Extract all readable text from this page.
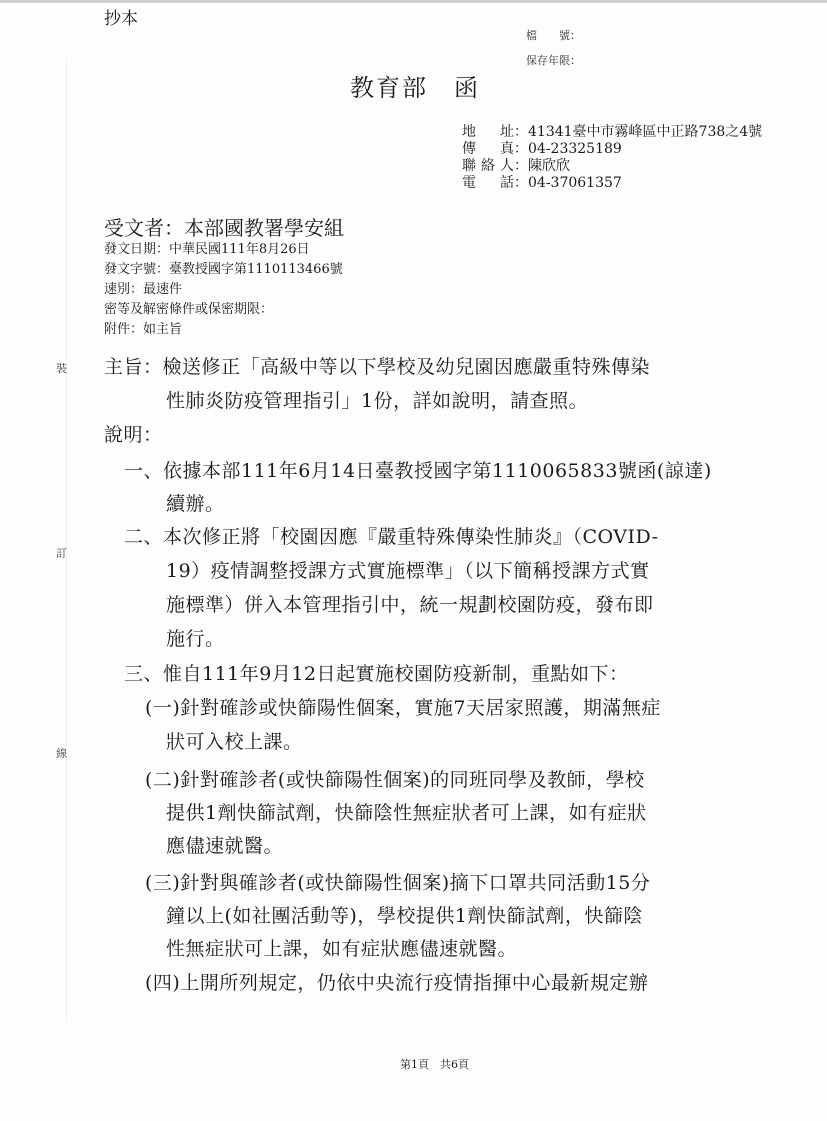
抄本
檔　　號：
保存年限：
教育部　函
地　址：41341臺中市霧峰區中正路738之4號
傳　真：04-23325189
聯絡人：陳欣欣
電　話：04-37061357
受文者：本部國教署學安組
發文日期：中華民國111年8月26日
發文字號：臺教授國字第1110113466號
速別：最速件
密等及解密條件或保密期限：
附件：如主旨
裝
訂
線
主旨：檢送修正「高級中等以下學校及幼兒園因應嚴重特殊傳染
性肺炎防疫管理指引」1份，詳如說明，請查照。
說明：
一、依據本部111年6月14日臺教授國字第1110065833號函(諒達)
續辦。
二、本次修正將「校園因應『嚴重特殊傳染性肺炎』（COVID-
19）疫情調整授課方式實施標準」（以下簡稱授課方式實
施標準）併入本管理指引中，統一規劃校園防疫，發布即
施行。
三、惟自111年9月12日起實施校園防疫新制，重點如下：
(一)針對確診或快篩陽性個案，實施7天居家照護，期滿無症
狀可入校上課。
(二)針對確診者(或快篩陽性個案)的同班同學及教師，學校
提供1劑快篩試劑，快篩陰性無症狀者可上課，如有症狀
應儘速就醫。
(三)針對與確診者(或快篩陽性個案)摘下口罩共同活動15分
鐘以上(如社團活動等)，學校提供1劑快篩試劑，快篩陰
性無症狀可上課，如有症狀應儘速就醫。
(四)上開所列規定，仍依中央流行疫情指揮中心最新規定辦
第1頁　共6頁
